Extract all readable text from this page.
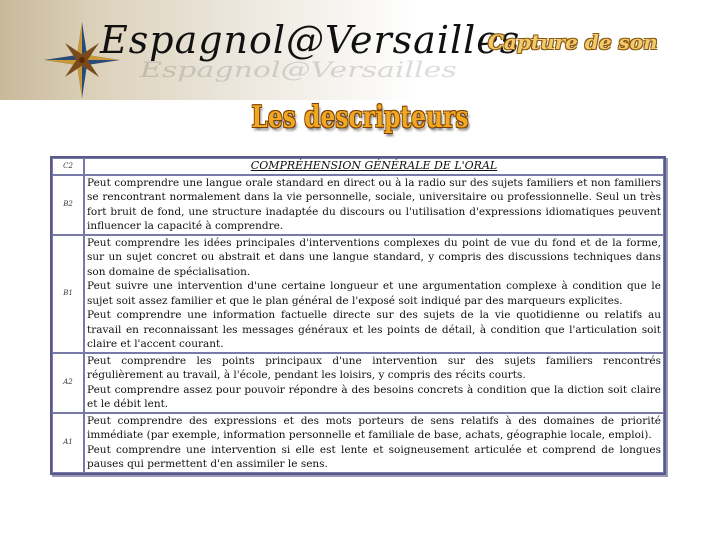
Espagnol@Versailles
Espagnol@Versailles
Capture de son
Les descripteurs
C2	COMPRÉHENSION GÉNÉRALE DE L'ORAL
B2	Peut comprendre une langue orale standard en direct ou à la radio sur des sujets familiers et non familiers se rencontrant normalement dans la vie personnelle, sociale, universitaire ou professionnelle. Seul un très fort bruit de fond, une structure inadaptée du discours ou l'utilisation d'expressions idiomatiques peuvent influencer la capacité à comprendre.

B1	Peut comprendre les idées principales d'interventions complexes du point de vue du fond et de la forme, sur un sujet concret ou abstrait et dans une langue standard, y compris des discussions techniques dans son domaine de spécialisation.
Peut suivre une intervention d'une certaine longueur et une argumentation complexe à condition que le sujet soit assez familier et que le plan général de l'exposé soit indiqué par des marqueurs explicites.
Peut comprendre une information factuelle directe sur des sujets de la vie quotidienne ou relatifs au travail en reconnaissant les messages généraux et les points de détail, à condition que l'articulation soit claire et l'accent courant.

A2	Peut comprendre les points principaux d'une intervention sur des sujets familiers rencontrés régulièrement au travail, à l'école, pendant les loisirs, y compris des récits courts.
Peut comprendre assez pour pouvoir répondre à des besoins concrets à condition que la diction soit claire et le débit lent.

A1	Peut comprendre des expressions et des mots porteurs de sens relatifs à des domaines de priorité immédiate (par exemple, information personnelle et familiale de base, achats, géographie locale, emploi).
Peut comprendre une intervention si elle est lente et soigneusement articulée et comprend de longues pauses qui permettent d'en assimiler le sens.
